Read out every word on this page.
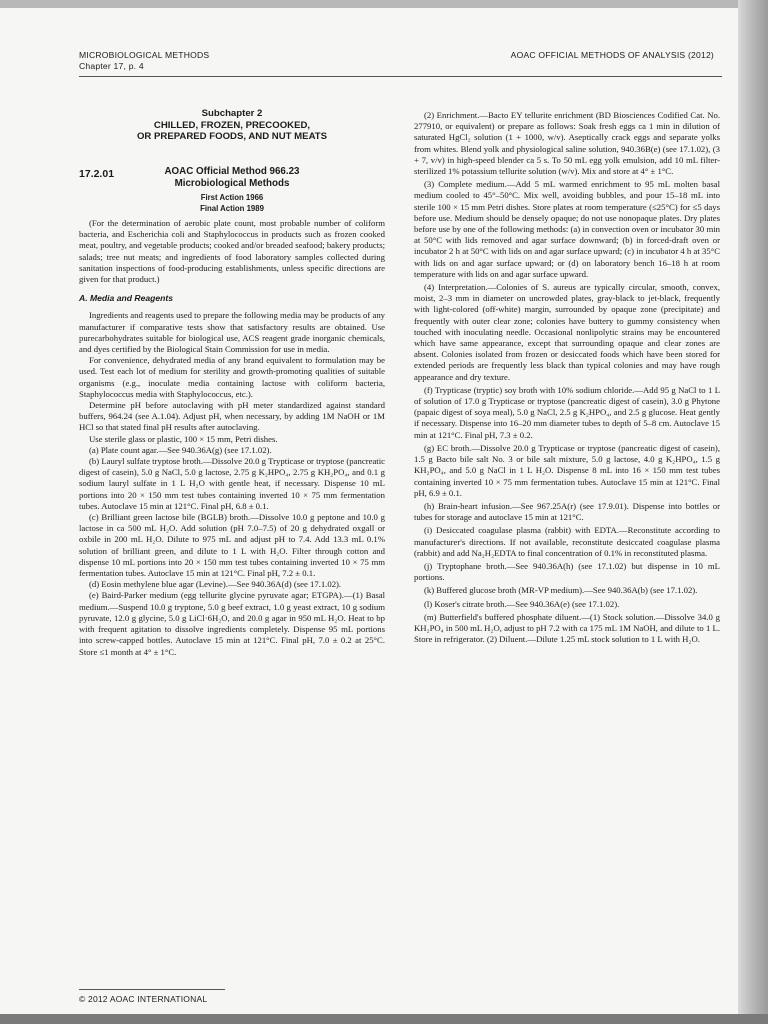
MICROBIOLOGICAL METHODS
Chapter 17, p. 4
AOAC OFFICIAL METHODS OF ANALYSIS (2012)
Subchapter 2
CHILLED, FROZEN, PRECOOKED,
OR PREPARED FOODS, AND NUT MEATS
17.2.01	AOAC Official Method 966.23
Microbiological Methods
First Action 1966
Final Action 1989

(For the determination of aerobic plate count, most probable number of coliform bacteria, and Escherichia coli and Staphylococcus in products such as frozen cooked meat, poultry, and vegetable products; cooked and/or breaded seafood; bakery products; salads; tree nut meats; and ingredients of food laboratory samples collected during sanitation inspections of food-producing establishments, unless specific directions are given for that product.)

A. Media and Reagents

Ingredients and reagents used to prepare the following media may be products of any manufacturer if comparative tests show that satisfactory results are obtained. Use purecarbohydrates suitable for biological use, ACS reagent grade inorganic chemicals, and dyes certified by the Biological Stain Commission for use in media.

For convenience, dehydrated media of any brand equivalent to formulation may be used. Test each lot of medium for sterility and growth-promoting qualities of suitable organisms (e.g., inoculate media containing lactose with coliform bacteria, Staphylococcus media with Staphylococcus, etc.).

Determine pH before autoclaving with pH meter standardized against standard buffers, 964.24 (see A.1.04). Adjust pH, when necessary, by adding 1M NaOH or 1M HCl so that stated final pH results after autoclaving.

Use sterile glass or plastic, 100 × 15 mm, Petri dishes.

(a) Plate count agar.—See 940.36A(g) (see 17.1.02).

(b) Lauryl sulfate tryptose broth.—Dissolve 20.0 g Trypticase or tryptose (pancreatic digest of casein), 5.0 g NaCl, 5.0 g lactose, 2.75 g K₂HPO₄, 2.75 g KH₂PO₄, and 0.1 g sodium lauryl sulfate in 1 L H₂O with gentle heat, if necessary. Dispense 10 mL portions into 20 × 150 mm test tubes containing inverted 10 × 75 mm fermentation tubes. Autoclave 15 min at 121°C. Final pH, 6.8 ± 0.1.

(c) Brilliant green lactose bile (BGLB) broth.—Dissolve 10.0 g peptone and 10.0 g lactose in ca 500 mL H₂O. Add solution (pH 7.0–7.5) of 20 g dehydrated oxgall or oxbile in 200 mL H₂O. Dilute to 975 mL and adjust pH to 7.4. Add 13.3 mL 0.1% solution of brilliant green, and dilute to 1 L with H₂O. Filter through cotton and dispense 10 mL portions into 20 × 150 mm test tubes containing inverted 10 × 75 mm fermentation tubes. Autoclave 15 min at 121°C. Final pH, 7.2 ± 0.1.

(d) Eosin methylene blue agar (Levine).—See 940.36A(d) (see 17.1.02).

(e) Baird-Parker medium (egg tellurite glycine pyruvate agar; ETGPA).—(1) Basal medium.—Suspend 10.0 g tryptone, 5.0 g beef extract, 1.0 g yeast extract, 10 g sodium pyruvate, 12.0 g glycine, 5.0 g LiCl·6H₂O, and 20.0 g agar in 950 mL H₂O. Heat to bp with frequent agitation to dissolve ingredients completely. Dispense 95 mL portions into screw-capped bottles. Autoclave 15 min at 121°C. Final pH, 7.0 ± 0.2 at 25°C. Store ≤1 month at 4° ± 1°C.

(2) Enrichment.—Bacto EY tellurite enrichment (BD Biosciences Codified Cat. No. 277910, or equivalent) or prepare as follows: Soak fresh eggs ca 1 min in dilution of saturated HgCl₂ solution (1 + 1000, w/v). Aseptically crack eggs and separate yolks from whites. Blend yolk and physiological saline solution, 940.36B(e) (see 17.1.02), (3 + 7, v/v) in high-speed blender ca 5 s. To 50 mL egg yolk emulsion, add 10 mL filter-sterilized 1% potassium tellurite solution (w/v). Mix and store at 4° ± 1°C.

(3) Complete medium.—Add 5 mL warmed enrichment to 95 mL molten basal medium cooled to 45°–50°C. Mix well, avoiding bubbles, and pour 15–18 mL into sterile 100 × 15 mm Petri dishes. Store plates at room temperature (≤25°C) for ≤5 days before use. Medium should be densely opaque; do not use nonopaque plates. Dry plates before use by one of the following methods: (a) in convection oven or incubator 30 min at 50°C with lids removed and agar surface downward; (b) in forced-draft oven or incubator 2 h at 50°C with lids on and agar surface upward; (c) in incubator 4 h at 35°C with lids on and agar surface upward; or (d) on laboratory bench 16–18 h at room temperature with lids on and agar surface upward.

(4) Interpretation.—Colonies of S. aureus are typically circular, smooth, convex, moist, 2–3 mm in diameter on uncrowded plates, gray-black to jet-black, frequently with light-colored (off-white) margin, surrounded by opaque zone (precipitate) and frequently with outer clear zone; colonies have buttery to gummy consistency when touched with inoculating needle. Occasional nonlipolytic strains may be encountered which have same appearance, except that surrounding opaque and clear zones are absent. Colonies isolated from frozen or desiccated foods which have been stored for extended periods are frequently less black than typical colonies and may have rough appearance and dry texture.

(f) Trypticase (tryptic) soy broth with 10% sodium chloride.—Add 95 g NaCl to 1 L of solution of 17.0 g Trypticase or tryptose (pancreatic digest of casein), 3.0 g Phytone (papaic digest of soya meal), 5.0 g NaCl, 2.5 g K₂HPO₄, and 2.5 g glucose. Heat gently if necessary. Dispense into 16–20 mm diameter tubes to depth of 5–8 cm. Autoclave 15 min at 121°C. Final pH, 7.3 ± 0.2.

(g) EC broth.—Dissolve 20.0 g Trypticase or tryptose (pancreatic digest of casein), 1.5 g Bacto bile salt No. 3 or bile salt mixture, 5.0 g lactose, 4.0 g K₂HPO₄, 1.5 g KH₂PO₄, and 5.0 g NaCl in 1 L H₂O. Dispense 8 mL into 16 × 150 mm test tubes containing inverted 10 × 75 mm fermentation tubes. Autoclave 15 min at 121°C. Final pH, 6.9 ± 0.1.

(h) Brain-heart infusion.—See 967.25A(r) (see 17.9.01). Dispense into bottles or tubes for storage and autoclave 15 min at 121°C.

(i) Desiccated coagulase plasma (rabbit) with EDTA.—Reconstitute according to manufacturer's directions. If not available, reconstitute desiccated coagulase plasma (rabbit) and add Na₂H₂EDTA to final concentration of 0.1% in reconstituted plasma.

(j) Tryptophane broth.—See 940.36A(h) (see 17.1.02) but dispense in 10 mL portions.

(k) Buffered glucose broth (MR-VP medium).—See 940.36A(b) (see 17.1.02).

(l) Koser's citrate broth.—See 940.36A(e) (see 17.1.02).

(m) Butterfield's buffered phosphate diluent.—(1) Stock solution.—Dissolve 34.0 g KH₂PO₄ in 500 mL H₂O, adjust to pH 7.2 with ca 175 mL 1M NaOH, and dilute to 1 L. Store in refrigerator. (2) Diluent.—Dilute 1.25 mL stock solution to 1 L with H₂O.

© 2012 AOAC INTERNATIONAL
